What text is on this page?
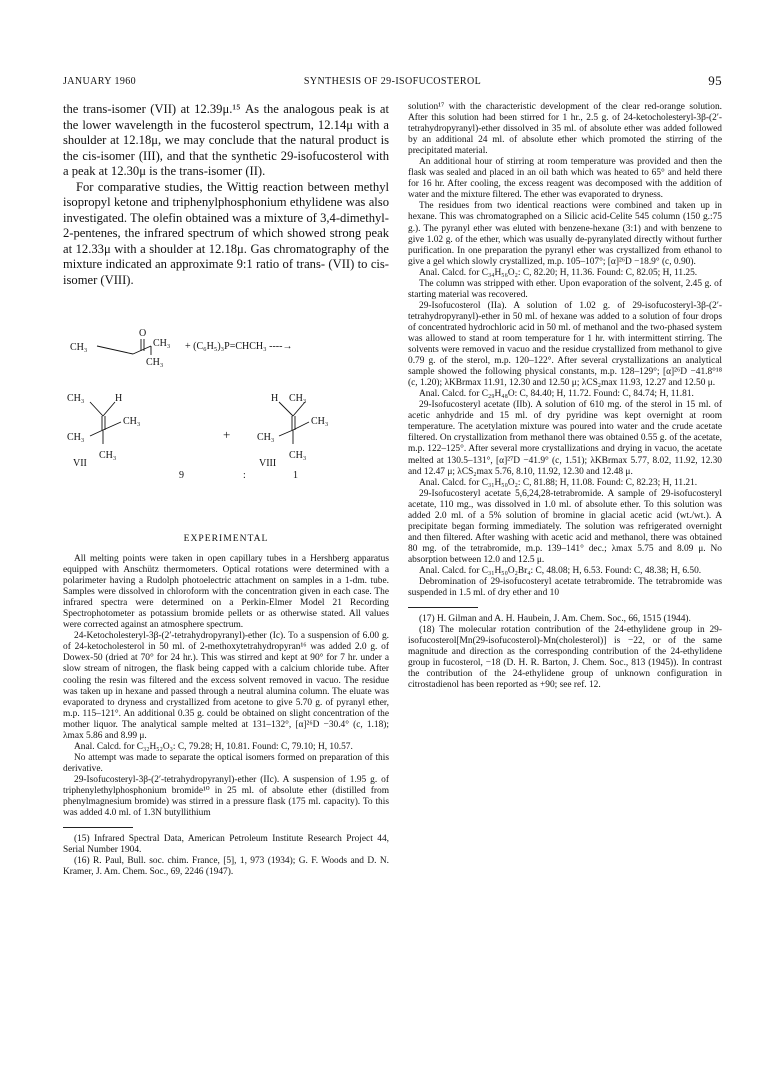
JANUARY 1960	SYNTHESIS OF 29-ISOFUCOSTEROL	95

the trans-isomer (VII) at 12.39μ.¹⁵ As the analogous peak is at the lower wavelength in the fucosterol spectrum, 12.14μ with a shoulder at 12.18μ, we may conclude that the natural product is the cis-isomer (III), and that the synthetic 29-isofucosterol with a peak at 12.30μ is the trans-isomer (II).

For comparative studies, the Wittig reaction between methyl isopropyl ketone and triphenylphosphonium ethylidene was also investigated. The olefin obtained was a mixture of 3,4-dimethyl-2-pentenes, the infrared spectrum of which showed strong peak at 12.33μ with a shoulder at 12.18μ. Gas chromatography of the mixture indicated an approximate 9:1 ratio of trans- (VII) to cis-isomer (VIII).

CH₃
O
CH₃
CH₃
+ (C₆H₅)₃P=CHCH₃ ----→
CH₃	H
CH₃
CH₃
CH₃
VII
9
+
:
H CH₃
CH₃
CH₃
CH₃
VIII
1
EXPERIMENTAL

All melting points were taken in open capillary tubes in a Hershberg apparatus equipped with Anschütz thermometers. Optical rotations were determined with a polarimeter having a Rudolph photoelectric attachment on samples in a 1-dm. tube. Samples were dissolved in chloroform with the concentration given in each case. The infrared spectra were determined on a Perkin-Elmer Model 21 Recording Spectrophotometer as potassium bromide pellets or as otherwise stated. All values were corrected against an atmosphere spectrum.

24-Ketocholesteryl-3β-(2′-tetrahydropyranyl)-ether (Ic). To a suspension of 6.00 g. of 24-ketocholesterol in 50 ml. of 2-methoxytetrahydropyran¹⁶ was added 2.0 g. of Dowex-50 (dried at 70° for 24 hr.). This was stirred and kept at 90° for 7 hr. under a slow stream of nitrogen, the flask being capped with a calcium chloride tube. After cooling the resin was filtered and the excess solvent removed in vacuo. The residue was taken up in hexane and passed through a neutral alumina column. The eluate was evaporated to dryness and crystallized from acetone to give 5.70 g. of pyranyl ether, m.p. 115–121°. An additional 0.35 g. could be obtained on slight concentration of the mother liquor. The analytical sample melted at 131–132°, [α]²⁶D −30.4° (c, 1.18); λmax 5.86 and 8.99 μ.

Anal. Calcd. for C₃₂H₅₂O₃: C, 79.28; H, 10.81. Found: C, 79.10; H, 10.57.

No attempt was made to separate the optical isomers formed on preparation of this derivative.

29-Isofucosteryl-3β-(2′-tetrahydropyranyl)-ether (IIc). A suspension of 1.95 g. of triphenylethylphosphonium bromide¹⁰ in 25 ml. of absolute ether (distilled from phenylmagnesium bromide) was stirred in a pressure flask (175 ml. capacity). To this was added 4.0 ml. of 1.3N butyllithium

(15) Infrared Spectral Data, American Petroleum Institute Research Project 44, Serial Number 1904.

(16) R. Paul, Bull. soc. chim. France, [5], 1, 973 (1934); G. F. Woods and D. N. Kramer, J. Am. Chem. Soc., 69, 2246 (1947).

solution¹⁷ with the characteristic development of the clear red-orange solution. After this solution had been stirred for 1 hr., 2.5 g. of 24-ketocholesteryl-3β-(2′-tetrahydropyranyl)-ether dissolved in 35 ml. of absolute ether was added followed by an additional 24 ml. of absolute ether which promoted the stirring of the precipitated material.

An additional hour of stirring at room temperature was provided and then the flask was sealed and placed in an oil bath which was heated to 65° and held there for 16 hr. After cooling, the excess reagent was decomposed with the addition of water and the mixture filtered. The ether was evaporated to dryness.

The residues from two identical reactions were combined and taken up in hexane. This was chromatographed on a Silicic acid-Celite 545 column (150 g.:75 g.). The pyranyl ether was eluted with benzene-hexane (3:1) and with benzene to give 1.02 g. of the ether, which was usually de-pyranylated directly without further purification. In one preparation the pyranyl ether was crystallized from ethanol to give a gel which slowly crystallized, m.p. 105–107°; [α]²⁶D −18.9° (c, 0.90).

Anal. Calcd. for C₃₄H₅₆O₂: C, 82.20; H, 11.36. Found: C, 82.05; H, 11.25.

The column was stripped with ether. Upon evaporation of the solvent, 2.45 g. of starting material was recovered.

29-Isofucosterol (IIa). A solution of 1.02 g. of 29-isofucosteryl-3β-(2′-tetrahydropyranyl)-ether in 50 ml. of hexane was added to a solution of four drops of concentrated hydrochloric acid in 50 ml. of methanol and the two-phased system was allowed to stand at room temperature for 1 hr. with intermittent stirring. The solvents were removed in vacuo and the residue crystallized from methanol to give 0.79 g. of the sterol, m.p. 120–122°. After several crystallizations an analytical sample showed the following physical constants, m.p. 128–129°; [α]²⁶D −41.8°¹⁸ (c, 1.20); λKBrmax 11.91, 12.30 and 12.50 μ; λCS₂max 11.93, 12.27 and 12.50 μ.

Anal. Calcd. for C₂₉H₄₈O: C, 84.40; H, 11.72. Found: C, 84.74; H, 11.81.

29-Isofucosteryl acetate (IIb). A solution of 610 mg. of the sterol in 15 ml. of acetic anhydride and 15 ml. of dry pyridine was kept overnight at room temperature. The acetylation mixture was poured into water and the crude acetate filtered. On crystallization from methanol there was obtained 0.55 g. of the acetate, m.p. 122–125°. After several more crystallizations and drying in vacuo, the acetate melted at 130.5–131°, [α]²⁷D −41.9° (c, 1.51); λKBrmax 5.77, 8.02, 11.92, 12.30 and 12.47 μ; λCS₂max 5.76, 8.10, 11.92, 12.30 and 12.48 μ.

Anal. Calcd. for C₃₁H₅₀O₂: C, 81.88; H, 11.08. Found: C, 82.23; H, 11.21.

29-Isofucosteryl acetate 5,6,24,28-tetrabromide. A sample of 29-isofucosteryl acetate, 110 mg., was dissolved in 1.0 ml. of absolute ether. To this solution was added 2.0 ml. of a 5% solution of bromine in glacial acetic acid (wt./wt.). A precipitate began forming immediately. The solution was refrigerated overnight and then filtered. After washing with acetic acid and methanol, there was obtained 80 mg. of the tetrabromide, m.p. 139–141° dec.; λmax 5.75 and 8.09 μ. No absorption between 12.0 and 12.5 μ.

Anal. Calcd. for C₃₁H₅₀O₂Br₄: C, 48.08; H, 6.53. Found: C, 48.38; H, 6.50.

Debromination of 29-isofucosteryl acetate tetrabromide. The tetrabromide was suspended in 1.5 ml. of dry ether and 10

(17) H. Gilman and A. H. Haubein, J. Am. Chem. Soc., 66, 1515 (1944).

(18) The molecular rotation contribution of the 24-ethylidene group in 29-isofucosterol[Mn(29-isofucosterol)-Mn(cholesterol)] is −22, or of the same magnitude and direction as the corresponding contribution of the 24-ethylidene group in fucosterol, −18 (D. H. R. Barton, J. Chem. Soc., 813 (1945)). In contrast the contribution of the 24-ethylidene group of unknown configuration in citrostadienol has been reported as +90; see ref. 12.
